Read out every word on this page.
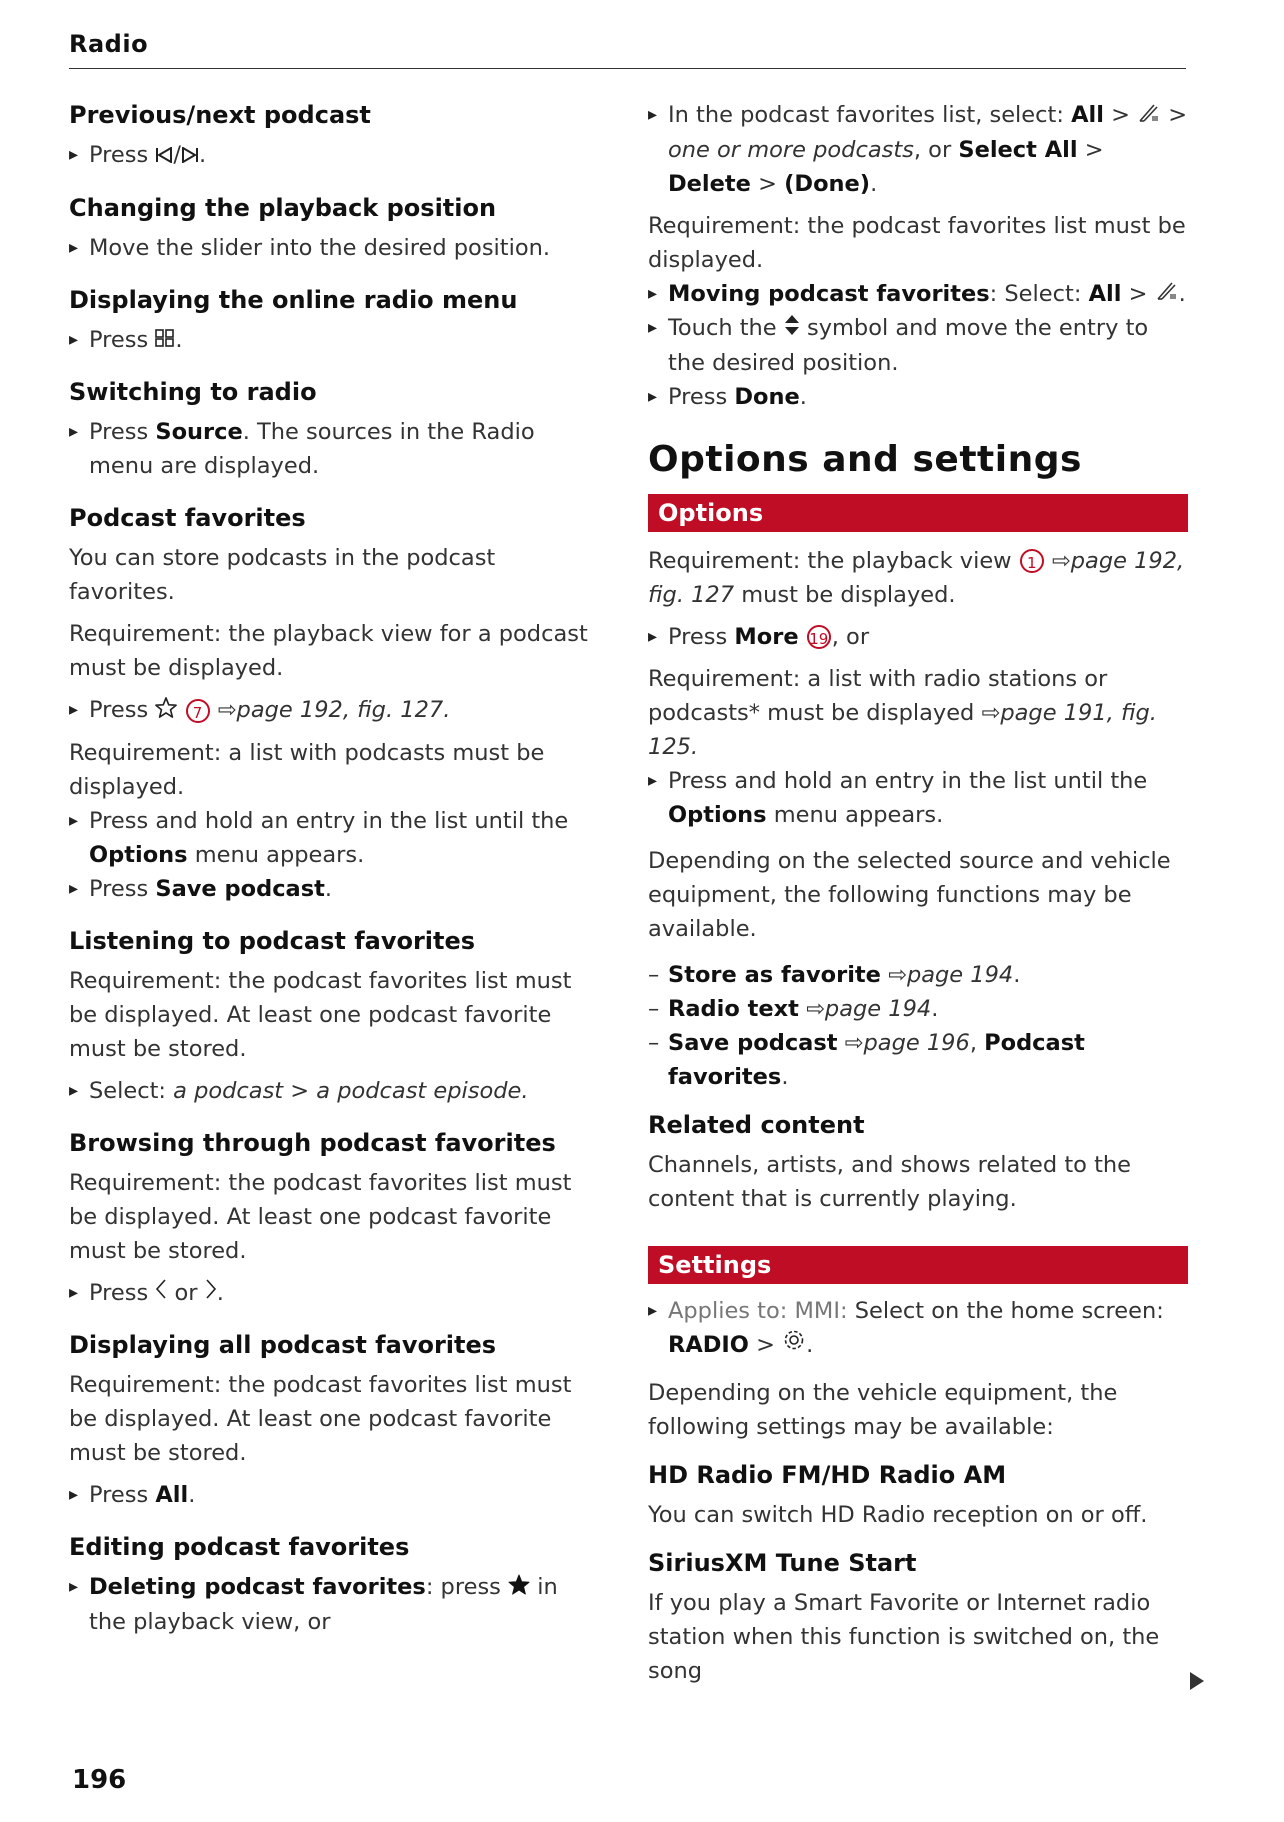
Radio
Previous/next podcast

▸ Press / .

Changing the playback position

▸ Move the slider into the desired position.

Displaying the online radio menu

▸ Press .

Switching to radio

▸ Press Source. The sources in the Radio menu are displayed.

Podcast favorites

You can store podcasts in the podcast favorites.

Requirement: the playback view for a podcast must be displayed.

▸ Press	7 ⇨page 192, fig. 127.

Requirement: a list with podcasts must be displayed.

▸ Press and hold an entry in the list until the Options menu appears.

▸ Press Save podcast.

Listening to podcast favorites

Requirement: the podcast favorites list must be displayed. At least one podcast favorite must be stored.

▸ Select: a podcast > a podcast episode.

Browsing through podcast favorites

Requirement: the podcast favorites list must be displayed. At least one podcast favorite must be stored.

▸ Press or .

Displaying all podcast favorites

Requirement: the podcast favorites list must be displayed. At least one podcast favorite must be stored.

▸ Press All.

Editing podcast favorites

▸ Deleting podcast favorites: press in the playback view, or

▸ In the podcast favorites list, select: All > > one or more podcasts, or Select All > Delete > (Done).

Requirement: the podcast favorites list must be displayed.

▸ Moving podcast favorites: Select: All > .

▸ Touch the symbol and move the entry to the desired position.

▸ Press Done.

Options and settings
Options

Requirement: the playback view 1 ⇨page 192, fig. 127 must be displayed.

▸ Press More 19 , or

Requirement: a list with radio stations or podcasts* must be displayed ⇨page 191, fig. 125.

▸ Press and hold an entry in the list until the Options menu appears.

Depending on the selected source and vehicle equipment, the following functions may be available.

– Store as favorite ⇨page 194.

– Radio text ⇨page 194.

– Save podcast ⇨page 196, Podcast favorites.

Related content

Channels, artists, and shows related to the content that is currently playing.

Settings

▸ Applies to: MMI: Select on the home screen: RADIO > .

Depending on the vehicle equipment, the following settings may be available:

HD Radio FM/HD Radio AM

You can switch HD Radio reception on or off.

SiriusXM Tune Start

If you play a Smart Favorite or Internet radio station when this function is switched on, the song

196
